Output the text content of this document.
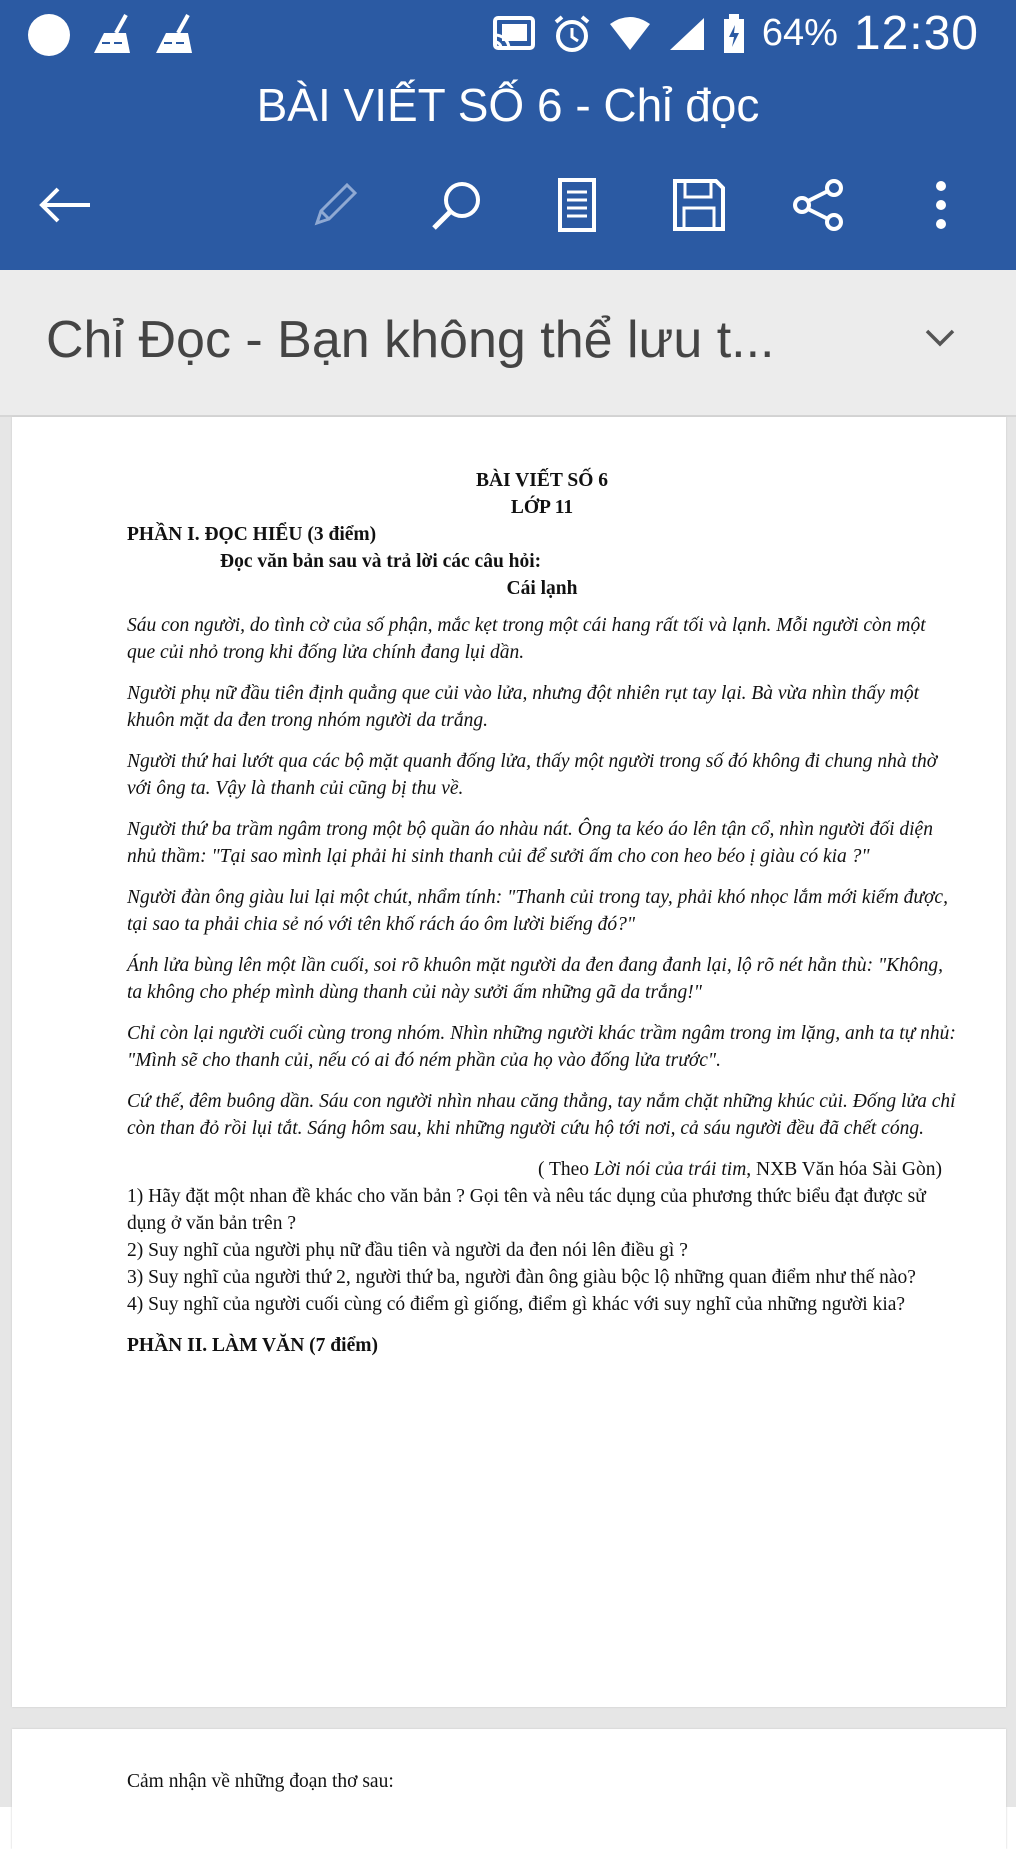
64% 12:30
BÀI VIẾT SỐ 6 - Chỉ đọc
Chỉ Đọc - Bạn không thể lưu t...

BÀI VIẾT SỐ 6

LỚP 11

PHẦN I. ĐỌC HIỂU (3 điểm)

Đọc văn bản sau và trả lời các câu hỏi:

Cái lạnh

Sáu con người, do tình cờ của số phận, mắc kẹt trong một cái hang rất tối và lạnh. Mỗi người còn một que củi nhỏ trong khi đống lửa chính đang lụi dần.

Người phụ nữ đầu tiên định quẳng que củi vào lửa, nhưng đột nhiên rụt tay lại. Bà vừa nhìn thấy một khuôn mặt da đen trong nhóm người da trắng.

Người thứ hai lướt qua các bộ mặt quanh đống lửa, thấy một người trong số đó không đi chung nhà thờ với ông ta. Vậy là thanh củi cũng bị thu về.

Người thứ ba trầm ngâm trong một bộ quần áo nhàu nát. Ông ta kéo áo lên tận cổ, nhìn người đối diện nhủ thầm: "Tại sao mình lại phải hi sinh thanh củi để sưởi ấm cho con heo béo ị giàu có kia ?"

Người đàn ông giàu lui lại một chút, nhẩm tính: "Thanh củi trong tay, phải khó nhọc lắm mới kiếm được, tại sao ta phải chia sẻ nó với tên khố rách áo ôm lười biếng đó?"

Ánh lửa bùng lên một lần cuối, soi rõ khuôn mặt người da đen đang đanh lại, lộ rõ nét hằn thù: "Không, ta không cho phép mình dùng thanh củi này sưởi ấm những gã da trắng!"

Chỉ còn lại người cuối cùng trong nhóm. Nhìn những người khác trầm ngâm trong im lặng, anh ta tự nhủ: "Mình sẽ cho thanh củi, nếu có ai đó ném phần của họ vào đống lửa trước".

Cứ thế, đêm buông dần. Sáu con người nhìn nhau căng thẳng, tay nắm chặt những khúc củi. Đống lửa chỉ còn than đỏ rồi lụi tắt. Sáng hôm sau, khi những người cứu hộ tới nơi, cả sáu người đều đã chết cóng.

( Theo Lời nói của trái tim, NXB Văn hóa Sài Gòn)

1) Hãy đặt một nhan đề khác cho văn bản ? Gọi tên và nêu tác dụng của phương thức biểu đạt được sử dụng ở văn bản trên ?

2) Suy nghĩ của người phụ nữ đầu tiên và người da đen nói lên điều gì ?

3) Suy nghĩ của người thứ 2, người thứ ba, người đàn ông giàu bộc lộ những quan điểm như thế nào?

4) Suy nghĩ của người cuối cùng có điểm gì giống, điểm gì khác với suy nghĩ của những người kia?

PHẦN II. LÀM VĂN (7 điểm)

Cảm nhận về những đoạn thơ sau:
